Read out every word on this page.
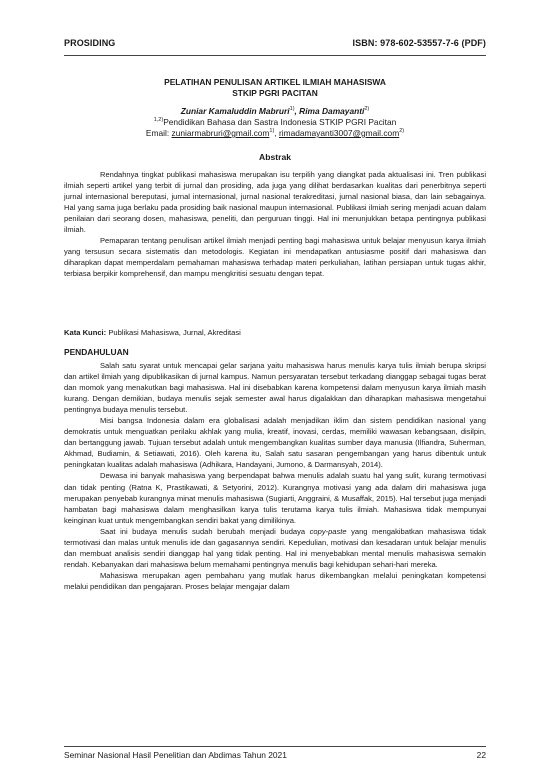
PROSIDING	ISBN: 978-602-53557-7-6 (PDF)
PELATIHAN PENULISAN ARTIKEL ILMIAH MAHASISWA
STKIP PGRI PACITAN
Zuniar Kamaluddin Mabruri$^{1)}$, Rima Damayanti$^{2)}$
$^{1,2)}$Pendidikan Bahasa dan Sastra Indonesia STKIP PGRI Pacitan
Email: zuniarmabruri@gmail.com$^{1)}$, rimadamayanti3007@gmail.com$^{2)}$
Abstrak

Rendahnya tingkat publikasi mahasiswa merupakan isu terpilih yang diangkat pada aktualisasi ini. Tren publikasi ilmiah seperti artikel yang terbit di jurnal dan prosiding, ada juga yang dilihat berdasarkan kualitas dari penerbitnya seperti jurnal internasional bereputasi, jurnal internasional, jurnal nasional terakreditasi, jurnal nasional biasa, dan lain sebagainya. Hal yang sama juga berlaku pada prosiding baik nasional maupun internasional. Publikasi ilmiah sering menjadi acuan dalam penilaian dari seorang dosen, mahasiswa, peneliti, dan perguruan tinggi. Hal ini menunjukkan betapa pentingnya publikasi ilmiah.

Pemaparan tentang penulisan artikel ilmiah menjadi penting bagi mahasiswa untuk belajar menyusun karya ilmiah yang tersusun secara sistematis dan metodologis. Kegiatan ini mendapatkan antusiasme positif dari mahasiswa dan diharapkan dapat memperdalam pemahaman mahasiswa terhadap materi perkuliahan, latihan persiapan untuk tugas akhir, terbiasa berpikir komprehensif, dan mampu mengkritisi sesuatu dengan tepat.

Kata Kunci: Publikasi Mahasiswa, Jurnal, Akreditasi
PENDAHULUAN

Salah satu syarat untuk mencapai gelar sarjana yaitu mahasiswa harus menulis karya tulis ilmiah berupa skripsi dan artikel ilmiah yang dipublikasikan di jurnal kampus. Namun persyaratan tersebut terkadang dianggap sebagai tugas berat dan momok yang menakutkan bagi mahasiswa. Hal ini disebabkan karena kompetensi dalam menyusun karya ilmiah masih kurang. Dengan demikian, budaya menulis sejak semester awal harus digalakkan dan diharapkan mahasiswa mengetahui pentingnya budaya menulis tersebut.

Misi bangsa Indonesia dalam era globalisasi adalah menjadikan iklim dan sistem pendidikan nasional yang demokratis untuk menguatkan perilaku akhlak yang mulia, kreatif, inovasi, cerdas, memiliki wawasan kebangsaan, disilpin, dan bertanggung jawab. Tujuan tersebut adalah untuk mengembangkan kualitas sumber daya manusia (Ilfiandra, Suherman, Akhmad, Budiamin, & Setiawati, 2016). Oleh karena itu, Salah satu sasaran pengembangan yang harus dibentuk untuk peningkatan kualitas adalah mahasiswa (Adhikara, Handayani, Jumono, & Darmansyah, 2014).

Dewasa ini banyak mahasiswa yang berpendapat bahwa menulis adalah suatu hal yang sulit, kurang termotivasi dan tidak penting (Ratna K, Prastikawati, & Setyorini, 2012). Kurangnya motivasi yang ada dalam diri mahasiswa juga merupakan penyebab kurangnya minat menulis mahasiswa (Sugiarti, Anggraini, & Musaffak, 2015). Hal tersebut juga menjadi hambatan bagi mahasiswa dalam menghasilkan karya tulis terutama karya tulis ilmiah. Mahasiswa tidak mempunyai keinginan kuat untuk mengembangkan sendiri bakat yang dimilikinya.

Saat ini budaya menulis sudah berubah menjadi budaya copy-paste yang mengakibatkan mahasiswa tidak termotivasi dan malas untuk menulis ide dan gagasannya sendiri. Kepedulian, motivasi dan kesadaran untuk belajar menulis dan membuat analisis sendiri dianggap hal yang tidak penting. Hal ini menyebabkan mental menulis mahasiswa semakin rendah. Kebanyakan dari mahasiswa belum memahami pentingnya menulis bagi kehidupan sehari-hari mereka.

Mahasiswa merupakan agen pembaharu yang mutlak harus dikembangkan melalui peningkatan kompetensi melalui pendidikan dan pengajaran. Proses belajar mengajar dalam

Seminar Nasional Hasil Penelitian dan Abdimas Tahun 2021	22
